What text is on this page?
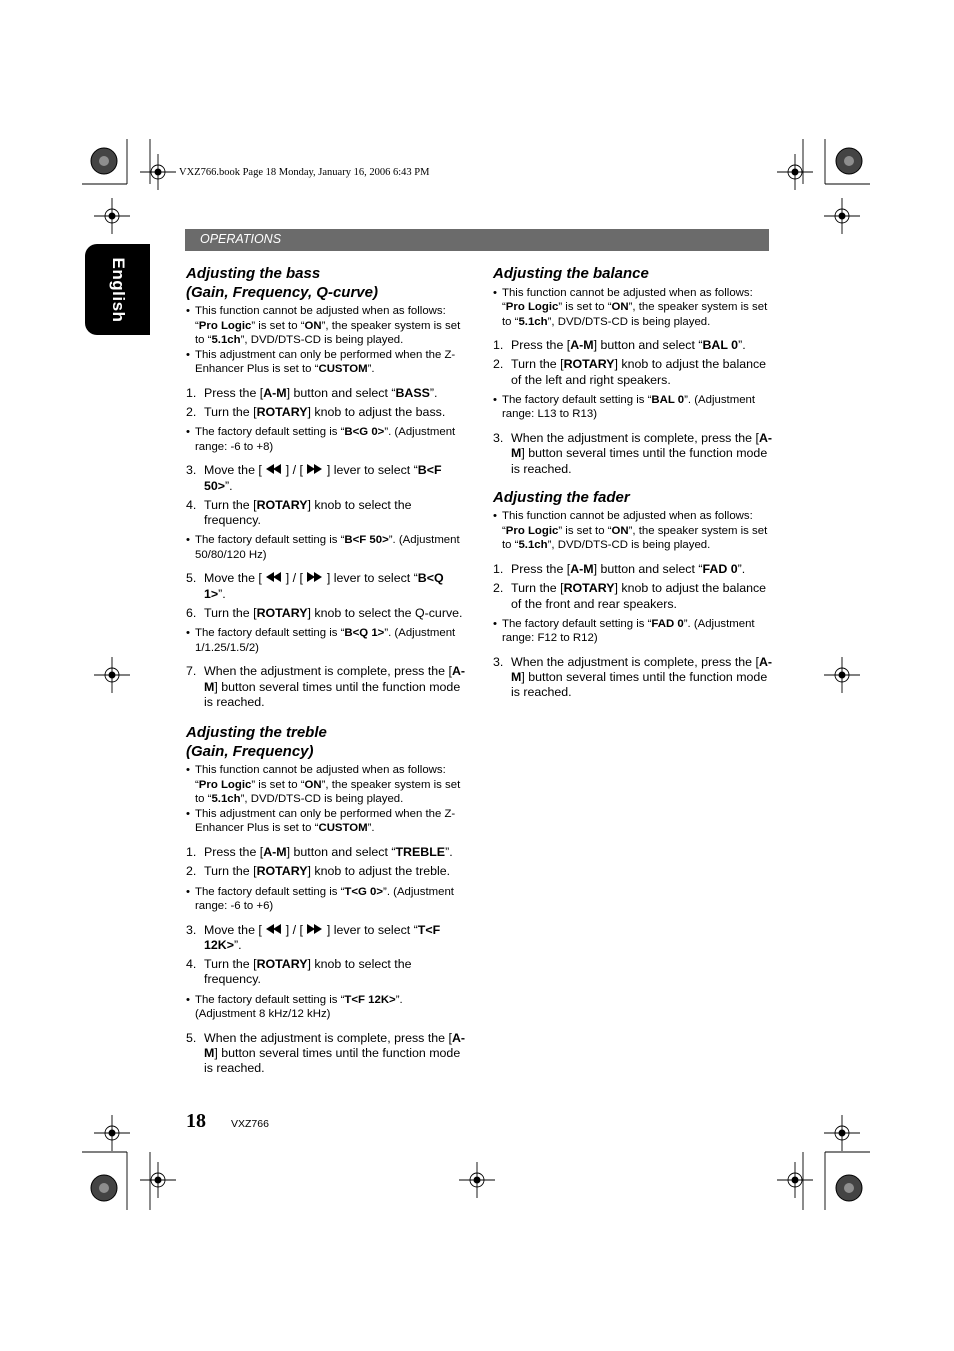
VXZ766.book Page 18 Monday, January 16, 2006 6:43 PM
OPERATIONS
English	Adjusting the bass
(Gain, Frequency, Q-curve)

• This function cannot be adjusted when as follows: “Pro Logic” is set to “ON”, the speaker system is set to “5.1ch”, DVD/DTS-CD is being played.

• This adjustment can only be performed when the Z-Enhancer Plus is set to “CUSTOM”.

1. Press the [A-M] button and select “BASS”.

2. Turn the [ROTARY] knob to adjust the bass.

• The factory default setting is “B<G 0>”. (Adjustment range: -6 to +8)

3. Move the [ ] / [ ] lever to select “B<F 50>”.

4. Turn the [ROTARY] knob to select the frequency.

• The factory default setting is “B<F 50>”. (Adjustment 50/80/120 Hz)

5. Move the [ ] / [ ] lever to select “B<Q 1>”.

6. Turn the [ROTARY] knob to select the Q-curve.

• The factory default setting is “B<Q 1>”. (Adjustment 1/1.25/1.5/2)

7. When the adjustment is complete, press the [A-M] button several times until the function mode is reached.

Adjusting the treble
(Gain, Frequency)

• This function cannot be adjusted when as follows: “Pro Logic” is set to “ON”, the speaker system is set to “5.1ch”, DVD/DTS-CD is being played.

• This adjustment can only be performed when the Z-Enhancer Plus is set to “CUSTOM”.

1. Press the [A-M] button and select “TREBLE”.

2. Turn the [ROTARY] knob to adjust the treble.

• The factory default setting is “T<G 0>”. (Adjustment range: -6 to +6)

3. Move the [ ] / [ ] lever to select “T<F 12K>”.

4. Turn the [ROTARY] knob to select the frequency.

• The factory default setting is “T<F 12K>”. (Adjustment 8 kHz/12 kHz)

5. When the adjustment is complete, press the [A-M] button several times until the function mode is reached.

Adjusting the balance

• This function cannot be adjusted when as follows: “Pro Logic” is set to “ON”, the speaker system is set to “5.1ch”, DVD/DTS-CD is being played.

1. Press the [A-M] button and select “BAL 0”.

2. Turn the [ROTARY] knob to adjust the balance of the left and right speakers.

• The factory default setting is “BAL 0”. (Adjustment range: L13 to R13)

3. When the adjustment is complete, press the [A-M] button several times until the function mode is reached.

Adjusting the fader

• This function cannot be adjusted when as follows: “Pro Logic” is set to “ON”, the speaker system is set to “5.1ch”, DVD/DTS-CD is being played.

1. Press the [A-M] button and select “FAD 0”.

2. Turn the [ROTARY] knob to adjust the balance of the front and rear speakers.

• The factory default setting is “FAD 0”. (Adjustment range: F12 to R12)

3. When the adjustment is complete, press the [A-M] button several times until the function mode is reached.

18 VXZ766
